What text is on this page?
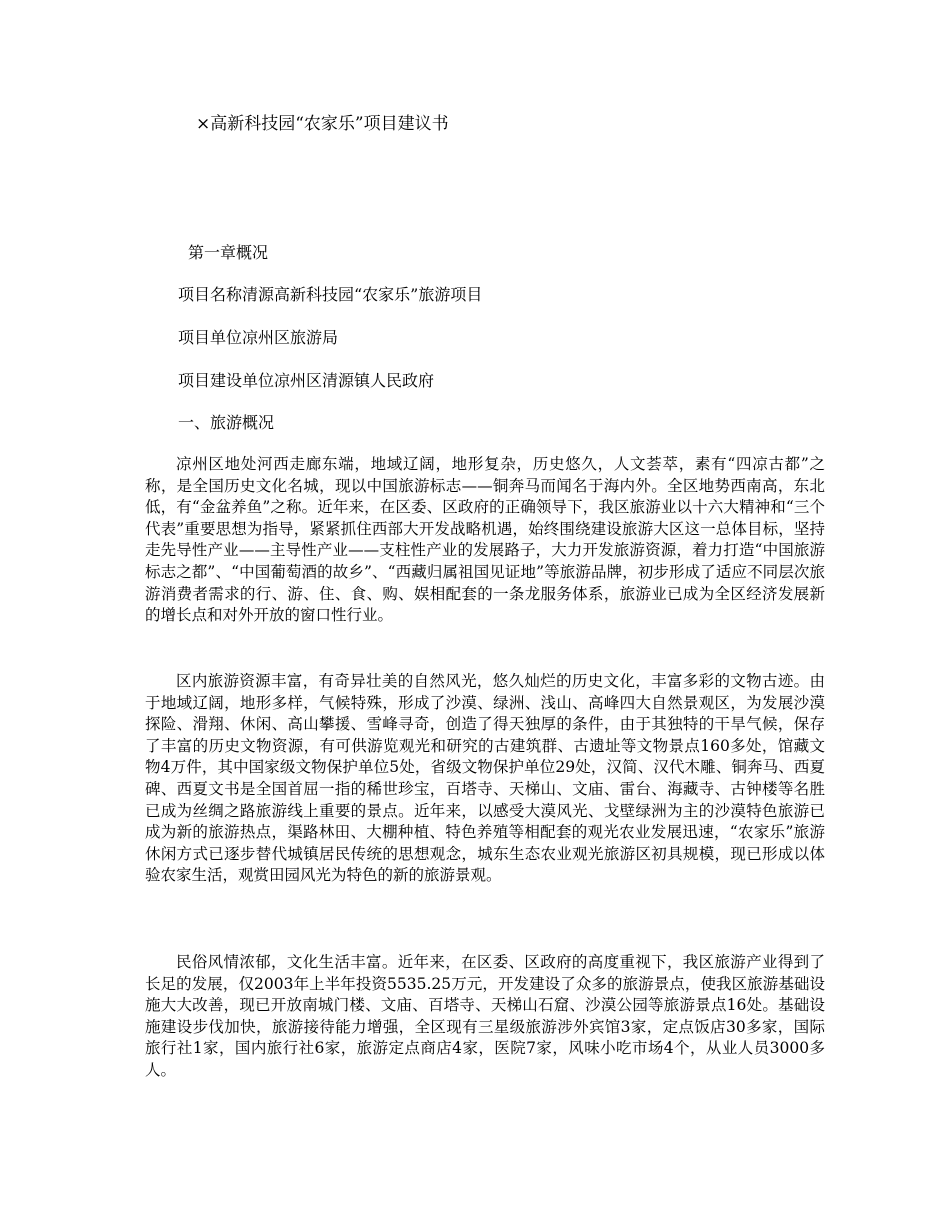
×高新科技园“农家乐”项目建议书
第一章概况
项目名称清源高新科技园“农家乐”旅游项目
项目单位凉州区旅游局
项目建设单位凉州区清源镇人民政府
一、旅游概况

凉州区地处河西走廊东端，地域辽阔，地形复杂，历史悠久，人文荟萃，素有“四凉古都”之称，是全国历史文化名城，现以中国旅游标志——铜奔马而闻名于海内外。全区地势西南高，东北低，有“金盆养鱼”之称。近年来，在区委、区政府的正确领导下，我区旅游业以十六大精神和“三个代表”重要思想为指导，紧紧抓住西部大开发战略机遇，始终围绕建设旅游大区这一总体目标，坚持走先导性产业——主导性产业——支柱性产业的发展路子，大力开发旅游资源，着力打造“中国旅游标志之都”、“中国葡萄酒的故乡”、“西藏归属祖国见证地”等旅游品牌，初步形成了适应不同层次旅游消费者需求的行、游、住、食、购、娱相配套的一条龙服务体系，旅游业已成为全区经济发展新的增长点和对外开放的窗口性行业。

区内旅游资源丰富，有奇异壮美的自然风光，悠久灿烂的历史文化，丰富多彩的文物古迹。由于地域辽阔，地形多样，气候特殊，形成了沙漠、绿洲、浅山、高峰四大自然景观区，为发展沙漠探险、滑翔、休闲、高山攀援、雪峰寻奇，创造了得天独厚的条件，由于其独特的干旱气候，保存了丰富的历史文物资源，有可供游览观光和研究的古建筑群、古遗址等文物景点160多处，馆藏文物4万件，其中国家级文物保护单位5处，省级文物保护单位29处，汉简、汉代木雕、铜奔马、西夏碑、西夏文书是全国首屈一指的稀世珍宝，百塔寺、天梯山、文庙、雷台、海藏寺、古钟楼等名胜已成为丝绸之路旅游线上重要的景点。近年来，以感受大漠风光、戈壁绿洲为主的沙漠特色旅游已成为新的旅游热点，渠路林田、大棚种植、特色养殖等相配套的观光农业发展迅速，“农家乐”旅游休闲方式已逐步替代城镇居民传统的思想观念，城东生态农业观光旅游区初具规模，现已形成以体验农家生活，观赏田园风光为特色的新的旅游景观。

民俗风情浓郁，文化生活丰富。近年来，在区委、区政府的高度重视下，我区旅游产业得到了长足的发展，仅2003年上半年投资5535.25万元，开发建设了众多的旅游景点，使我区旅游基础设施大大改善，现已开放南城门楼、文庙、百塔寺、天梯山石窟、沙漠公园等旅游景点16处。基础设施建设步伐加快，旅游接待能力增强，全区现有三星级旅游涉外宾馆3家，定点饭店30多家，国际旅行社1家，国内旅行社6家，旅游定点商店4家，医院7家，风味小吃市场4个，从业人员3000多人。
